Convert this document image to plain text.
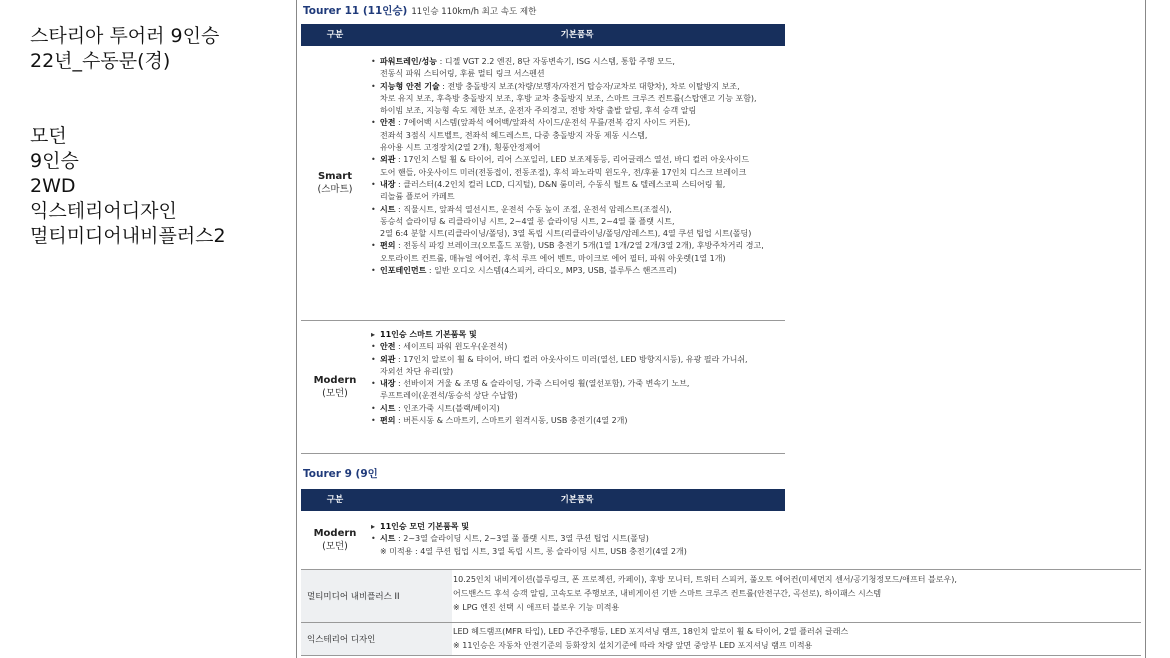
스타리아 투어러 9인승
22년_수동문(경)
모던
9인승
2WD
익스테리어디자인
멀티미디어내비플러스2
Tourer 11 (11인승) 11인승 110km/h 최고 속도 제한
구분	기본품목
Smart
(스마트)
• 파워트레인/성능 : 디젤 VGT 2.2 엔진, 8단 자동변속기, ISG 시스템, 통합 주행 모드,
전동식 파워 스티어링, 후륜 멀티 링크 서스펜션
• 지능형 안전 기술 : 전방 충돌방지 보조(차량/보행자/자전거 탑승자/교차로 대향차), 차로 이탈방지 보조,
차로 유지 보조, 후측방 충돌방지 보조, 후방 교차 충돌방지 보조, 스마트 크루즈 컨트롤(스탑앤고 기능 포함),
하이빔 보조, 지능형 속도 제한 보조, 운전자 주의경고, 전방 차량 출발 알림, 후석 승객 알림
• 안전 : 7에어백 시스템(앞좌석 에어백/앞좌석 사이드/운전석 무릎/전복 감지 사이드 커튼),
전좌석 3점식 시트벨트, 전좌석 헤드레스트, 다중 충돌방지 자동 제동 시스템,
유아용 시트 고정장치(2열 2개), 횡풍안정제어
• 외관 : 17인치 스틸 휠 & 타이어, 리어 스포일러, LED 보조제동등, 리어글래스 열선, 바디 컬러 아웃사이드
도어 핸들, 아웃사이드 미러(전동접이, 전동조절), 후석 파노라믹 윈도우, 전/후륜 17인치 디스크 브레이크
• 내장 : 클러스터(4.2인치 컬러 LCD, 디지털), D&N 룸미러, 수동식 틸트 & 텔레스코픽 스티어링 휠,
리놀륨 플로어 카페트
• 시트 : 직물시트, 앞좌석 열선시트, 운전석 수동 높이 조절, 운전석 암레스트(조절식),
동승석 슬라이딩 & 리클라이닝 시트, 2~4열 롱 슬라이딩 시트, 2~4열 풀 플랫 시트,
2열 6:4 분할 시트(리클라이닝/폴딩), 3열 독립 시트(리클라이닝/폴딩/암레스트), 4열 쿠션 팁업 시트(폴딩)
• 편의 : 전동식 파킹 브레이크(오토홀드 포함), USB 충전기 5개(1열 1개/2열 2개/3열 2개), 후방주차거리 경고,
오토라이트 컨트롤, 매뉴얼 에어컨, 후석 루프 에어 벤트, 마이크로 에어 필터, 파워 아웃렛(1열 1개)
• 인포테인먼트 : 일반 오디오 시스템(4스피커, 라디오, MP3, USB, 블루투스 핸즈프리)
Modern
(모던)
▸ 11인승 스마트 기본품목 및
• 안전 : 세이프티 파워 윈도우(운전석)
• 외관 : 17인치 알로이 휠 & 타이어, 바디 컬러 아웃사이드 미러(열선, LED 방향지시등), 유광 필라 가니쉬,
자외선 차단 유리(앞)
• 내장 : 선바이저 거울 & 조명 & 슬라이딩, 가죽 스티어링 휠(열선포함), 가죽 변속기 노브,
루프트레이(운전석/동승석 상단 수납함)
• 시트 : 인조가죽 시트(블랙/베이지)
• 편의 : 버튼시동 & 스마트키, 스마트키 원격시동, USB 충전기(4열 2개)
Tourer 9 (9인
구분	기본품목
Modern
(모던)
▸ 11인승 모던 기본품목 및
• 시트 : 2~3열 슬라이딩 시트, 2~3열 풀 플랫 시트, 3열 쿠션 팁업 시트(폴딩)
※ 미적용 : 4열 쿠션 팁업 시트, 3열 독립 시트, 롱 슬라이딩 시트, USB 충전기(4열 2개)
멀티미디어 내비플러스 II
10.25인치 내비게이션(블루링크, 폰 프로젝션, 카페이), 후방 모니터, 트위터 스피커, 풀오토 에어컨(미세먼지 센서/공기청정모드/애프터 블로우),
어드밴스드 후석 승객 알림, 고속도로 주행보조, 내비게이션 기반 스마트 크루즈 컨트롤(안전구간, 곡선로), 하이패스 시스템
※ LPG 엔진 선택 시 애프터 블로우 기능 미적용
익스테리어 디자인
LED 헤드램프(MFR 타입), LED 주간주행등, LED 포지셔닝 램프, 18인치 알로이 휠 & 타이어, 2열 플러쉬 글래스
※ 11인승은 자동차 안전기준의 등화장치 설치기준에 따라 차량 앞면 중앙부 LED 포지셔닝 램프 미적용
